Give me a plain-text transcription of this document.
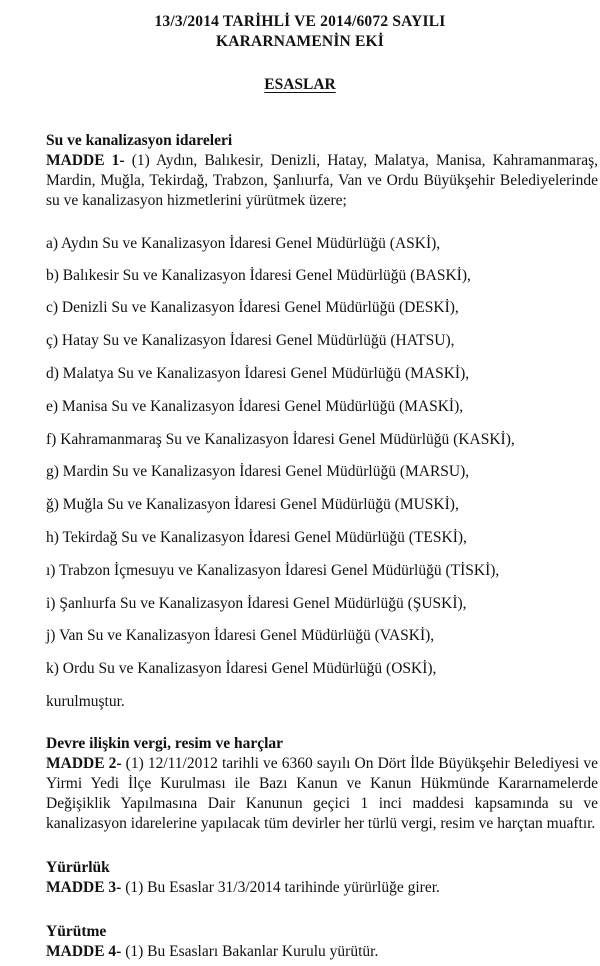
13/3/2014 TARİHLİ VE 2014/6072 SAYILI
KARARNAMENİN EKİ
ESASLAR
Su ve kanalizasyon idareleri

MADDE 1- (1) Aydın, Balıkesir, Denizli, Hatay, Malatya, Manisa, Kahramanmaraş, Mardin, Muğla, Tekirdağ, Trabzon, Şanlıurfa, Van ve Ordu Büyükşehir Belediyelerinde su ve kanalizasyon hizmetlerini yürütmek üzere;

a) Aydın Su ve Kanalizasyon İdaresi Genel Müdürlüğü (ASKİ),
b) Balıkesir Su ve Kanalizasyon İdaresi Genel Müdürlüğü (BASKİ),
c) Denizli Su ve Kanalizasyon İdaresi Genel Müdürlüğü (DESKİ),
ç) Hatay Su ve Kanalizasyon İdaresi Genel Müdürlüğü (HATSU),
d) Malatya Su ve Kanalizasyon İdaresi Genel Müdürlüğü (MASKİ),
e) Manisa Su ve Kanalizasyon İdaresi Genel Müdürlüğü (MASKİ),
f) Kahramanmaraş Su ve Kanalizasyon İdaresi Genel Müdürlüğü (KASKİ),
g) Mardin Su ve Kanalizasyon İdaresi Genel Müdürlüğü (MARSU),
ğ) Muğla Su ve Kanalizasyon İdaresi Genel Müdürlüğü (MUSKİ),
h) Tekirdağ Su ve Kanalizasyon İdaresi Genel Müdürlüğü (TESKİ),
ı) Trabzon İçmesuyu ve Kanalizasyon İdaresi Genel Müdürlüğü (TİSKİ),
i) Şanlıurfa Su ve Kanalizasyon İdaresi Genel Müdürlüğü (ŞUSKİ),
j) Van Su ve Kanalizasyon İdaresi Genel Müdürlüğü (VASKİ),
k) Ordu Su ve Kanalizasyon İdaresi Genel Müdürlüğü (OSKİ),
kurulmuştur.
Devre ilişkin vergi, resim ve harçlar

MADDE 2- (1) 12/11/2012 tarihli ve 6360 sayılı On Dört İlde Büyükşehir Belediyesi ve Yirmi Yedi İlçe Kurulması ile Bazı Kanun ve Kanun Hükmünde Kararnamelerde Değişiklik Yapılmasına Dair Kanunun geçici 1 inci maddesi kapsamında su ve kanalizasyon idarelerine yapılacak tüm devirler her türlü vergi, resim ve harçtan muaftır.

Yürürlük

MADDE 3- (1) Bu Esaslar 31/3/2014 tarihinde yürürlüğe girer.

Yürütme

MADDE 4- (1) Bu Esasları Bakanlar Kurulu yürütür.
